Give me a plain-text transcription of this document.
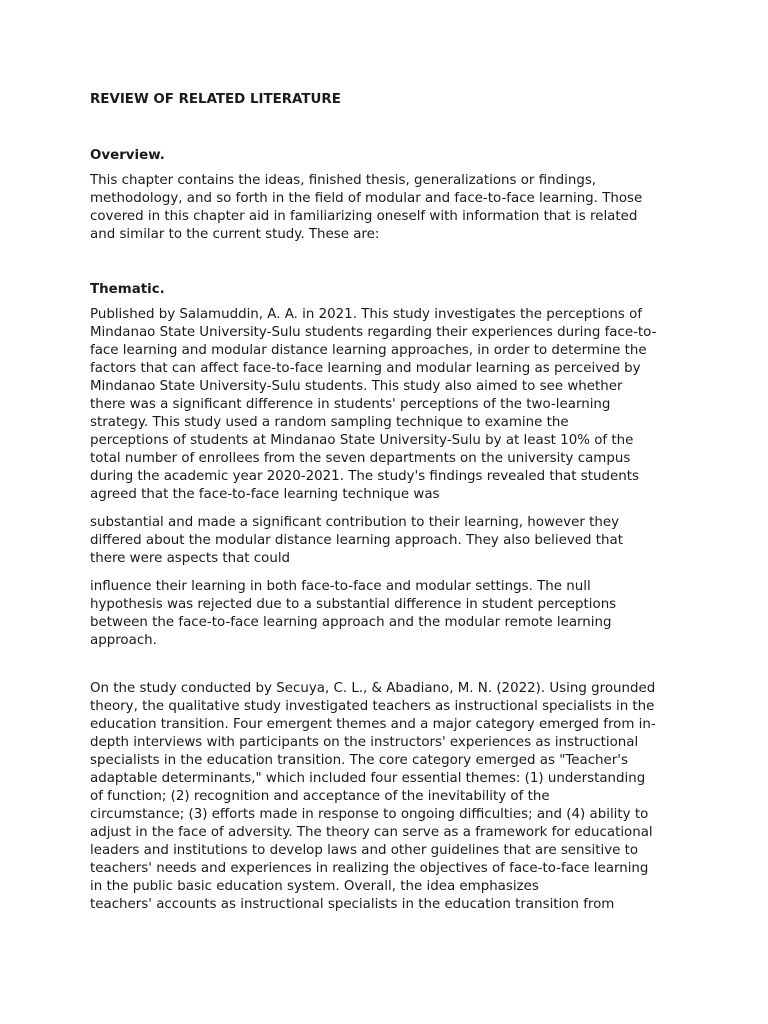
REVIEW OF RELATED LITERATURE
Overview.

This chapter contains the ideas, finished thesis, generalizations or findings,
methodology, and so forth in the field of modular and face-to-face learning. Those
covered in this chapter aid in familiarizing oneself with information that is related
and similar to the current study. These are:

Thematic.

Published by Salamuddin, A. A. in 2021. This study investigates the perceptions of
Mindanao State University-Sulu students regarding their experiences during face-to-
face learning and modular distance learning approaches, in order to determine the
factors that can affect face-to-face learning and modular learning as perceived by
Mindanao State University-Sulu students. This study also aimed to see whether
there was a significant difference in students' perceptions of the two-learning
strategy. This study used a random sampling technique to examine the
perceptions of students at Mindanao State University-Sulu by at least 10% of the
total number of enrollees from the seven departments on the university campus
during the academic year 2020-2021. The study's findings revealed that students
agreed that the face-to-face learning technique was

substantial and made a significant contribution to their learning, however they
differed about the modular distance learning approach. They also believed that
there were aspects that could

influence their learning in both face-to-face and modular settings. The null
hypothesis was rejected due to a substantial difference in student perceptions
between the face-to-face learning approach and the modular remote learning
approach.

On the study conducted by Secuya, C. L., & Abadiano, M. N. (2022). Using grounded
theory, the qualitative study investigated teachers as instructional specialists in the
education transition. Four emergent themes and a major category emerged from in-
depth interviews with participants on the instructors' experiences as instructional
specialists in the education transition. The core category emerged as "Teacher's
adaptable determinants," which included four essential themes: (1) understanding
of function; (2) recognition and acceptance of the inevitability of the
circumstance; (3) efforts made in response to ongoing difficulties; and (4) ability to
adjust in the face of adversity. The theory can serve as a framework for educational
leaders and institutions to develop laws and other guidelines that are sensitive to
teachers' needs and experiences in realizing the objectives of face-to-face learning
in the public basic education system. Overall, the idea emphasizes
teachers' accounts as instructional specialists in the education transition from
